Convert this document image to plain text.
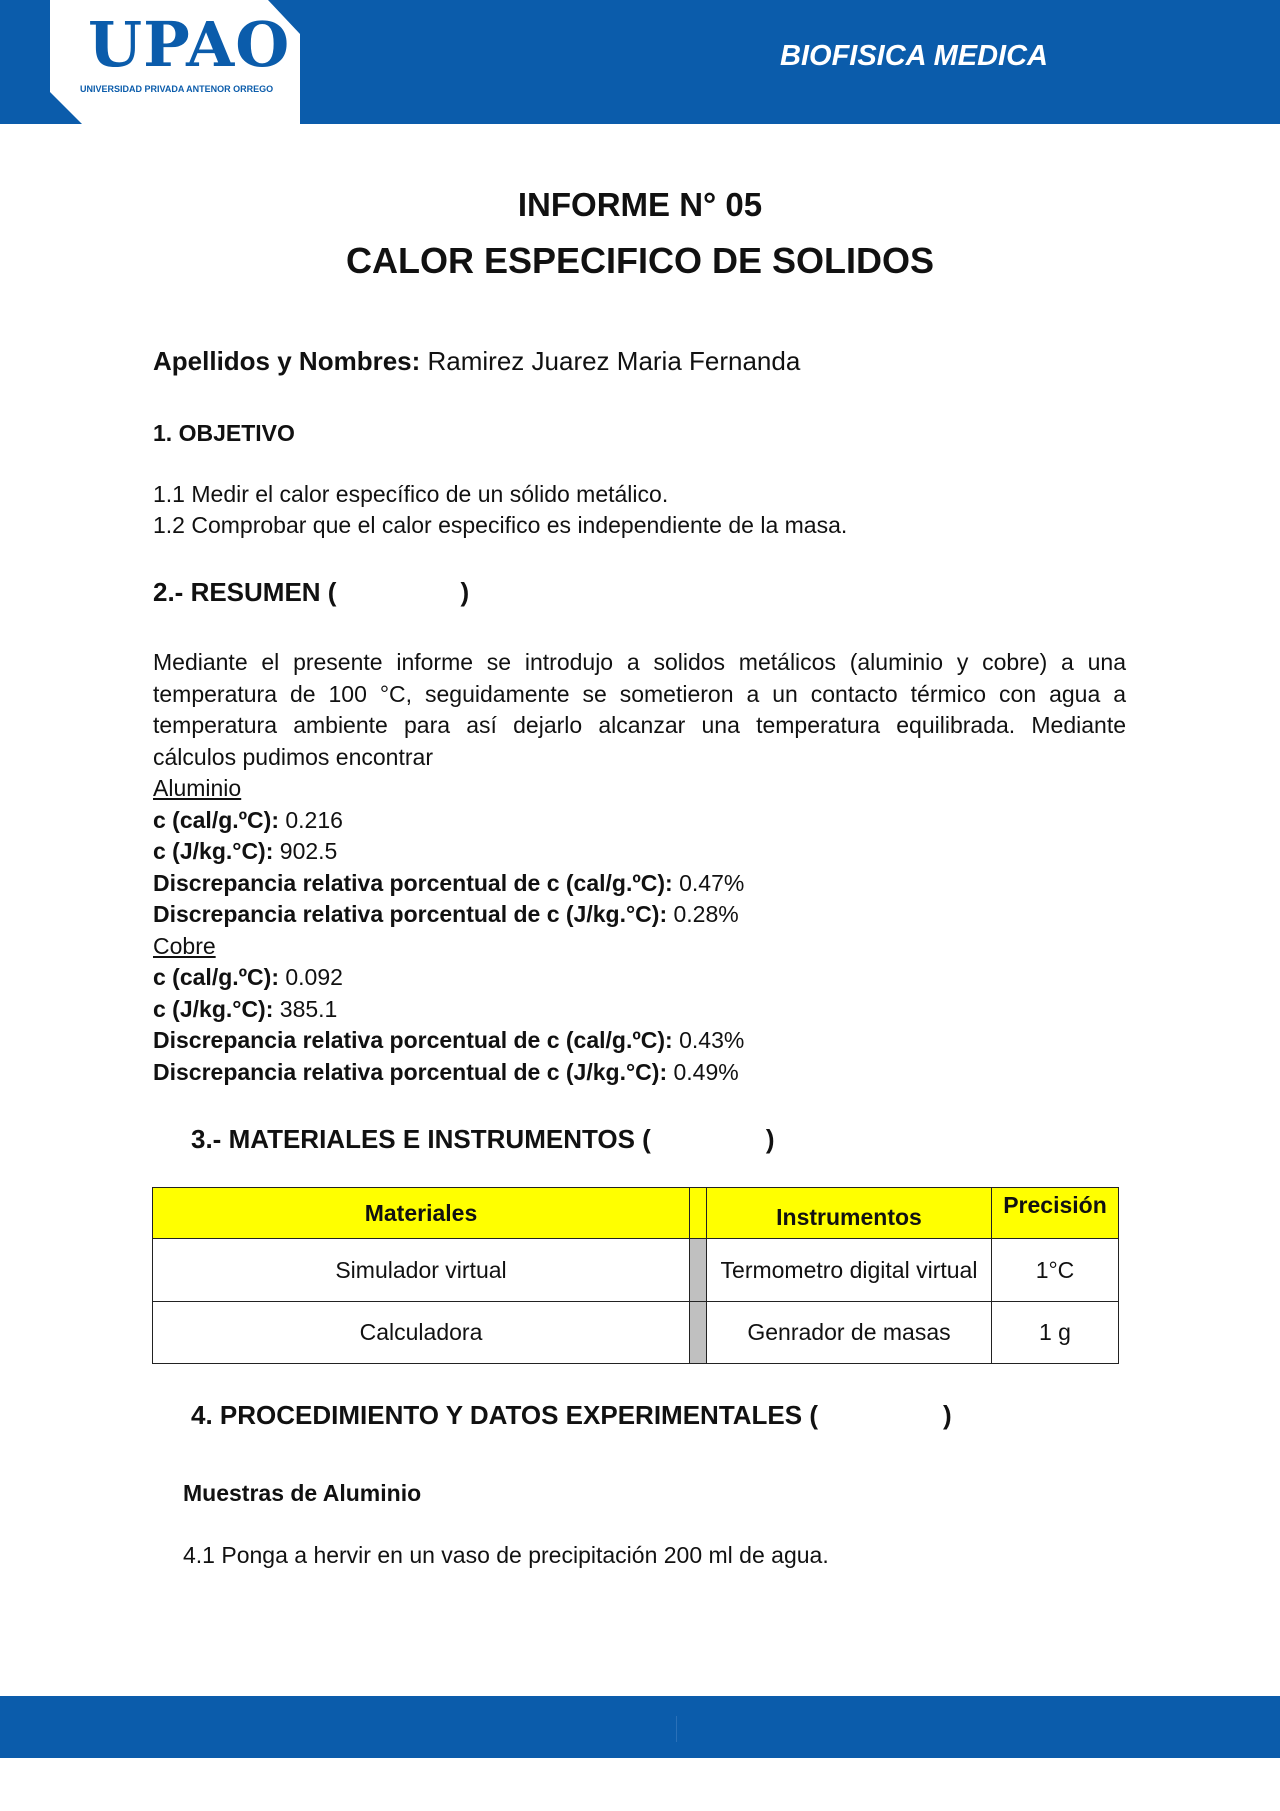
UPAO
UNIVERSIDAD PRIVADA ANTENOR ORREGO
BIOFISICA MEDICA
INFORME N° 05
CALOR ESPECIFICO DE SOLIDOS
Apellidos y Nombres: Ramirez Juarez Maria Fernanda
1. OBJETIVO
1.1 Medir el calor específico de un sólido metálico.
1.2 Comprobar que el calor especifico es independiente de la masa.
2.- RESUMEN (	)
Mediante el presente informe se introdujo a solidos metálicos (aluminio y cobre) a una
temperatura de 100 °C, seguidamente se sometieron a un contacto térmico con agua a
temperatura ambiente para así dejarlo alcanzar una temperatura equilibrada. Mediante
cálculos pudimos encontrar
Aluminio
c (cal/g.ºC): 0.216
c (J/kg.°C): 902.5
Discrepancia relativa porcentual de c (cal/g.ºC): 0.47%
Discrepancia relativa porcentual de c (J/kg.°C): 0.28%
Cobre
c (cal/g.ºC): 0.092
c (J/kg.°C): 385.1
Discrepancia relativa porcentual de c (cal/g.ºC): 0.43%
Discrepancia relativa porcentual de c (J/kg.°C): 0.49%
3.- MATERIALES E INSTRUMENTOS (	)
Materiales		Instrumentos	Precisión
Simulador virtual		Termometro digital virtual	1°C
Calculadora		Genrador de masas	1 g
4. PROCEDIMIENTO Y DATOS EXPERIMENTALES (	)
Muestras de Aluminio
4.1 Ponga a hervir en un vaso de precipitación 200 ml de agua.
